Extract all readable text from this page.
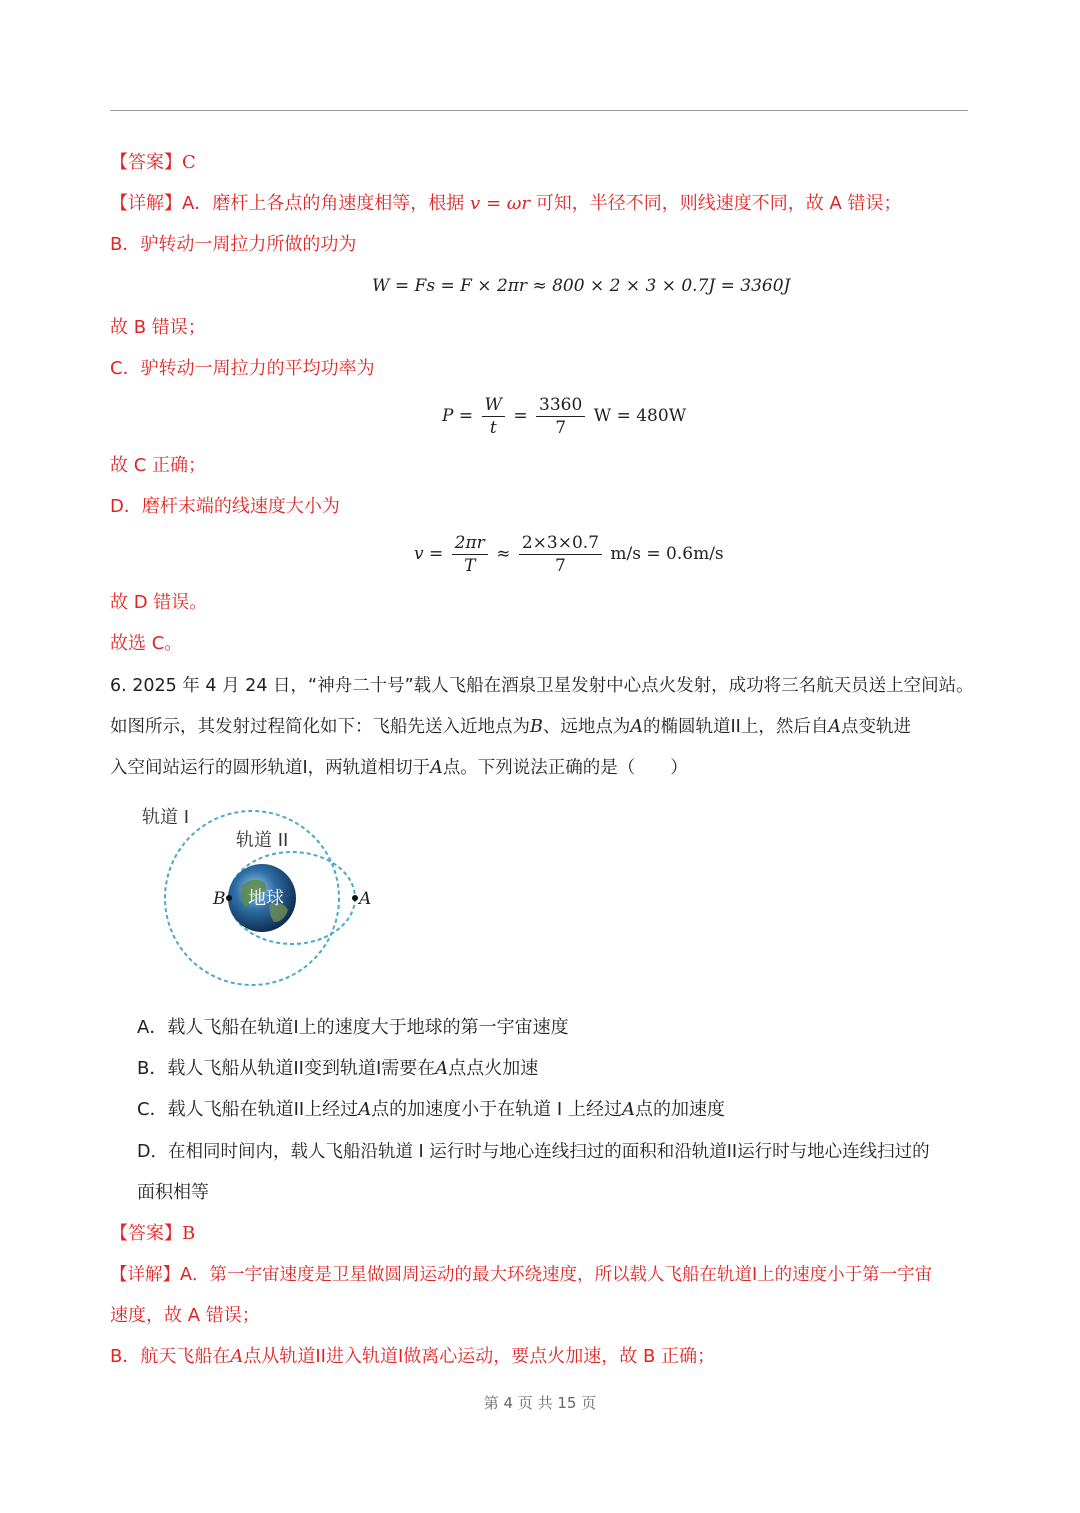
【答案】C
【详解】A．磨杆上各点的角速度相等，根据 v = ωr 可知，半径不同，则线速度不同，故 A 错误；
B．驴转动一周拉力所做的功为
W = Fs = F × 2πr ≈ 800 × 2 × 3 × 0.7J = 3360J
故 B 错误；
C．驴转动一周拉力的平均功率为
$P = \frac{W}{t} = \frac{3360}{7}$ W = 480W
故 C 正确；
D．磨杆末端的线速度大小为
$v = \frac{2\pi r}{T} \approx \frac{2\times 3\times 0.7}{7} m/s = 0.6m/s$
故 D 错误。
故选 C。
6. 2025 年 4 月 24 日，“神舟二十号”载人飞船在酒泉卫星发射中心点火发射，成功将三名航天员送上空间站。
如图所示，其发射过程简化如下：飞船先送入近地点为B、远地点为A的椭圆轨道II上，然后自A点变轨进
入空间站运行的圆形轨道I，两轨道相切于A点。下列说法正确的是（　　）
地球
B	A
轨道 I
轨道 II
A．载人飞船在轨道I上的速度大于地球的第一宇宙速度
B．载人飞船从轨道II变到轨道I需要在A点点火加速
C．载人飞船在轨道II上经过A点的加速度小于在轨道 I 上经过A点的加速度
D．在相同时间内，载人飞船沿轨道 I 运行时与地心连线扫过的面积和沿轨道II运行时与地心连线扫过的
面积相等
【答案】B
【详解】A．第一宇宙速度是卫星做圆周运动的最大环绕速度，所以载人飞船在轨道I上的速度小于第一宇宙
速度，故 A 错误；
B．航天飞船在A点从轨道II进入轨道I做离心运动，要点火加速，故 B 正确；
第 4 页 共 15 页
